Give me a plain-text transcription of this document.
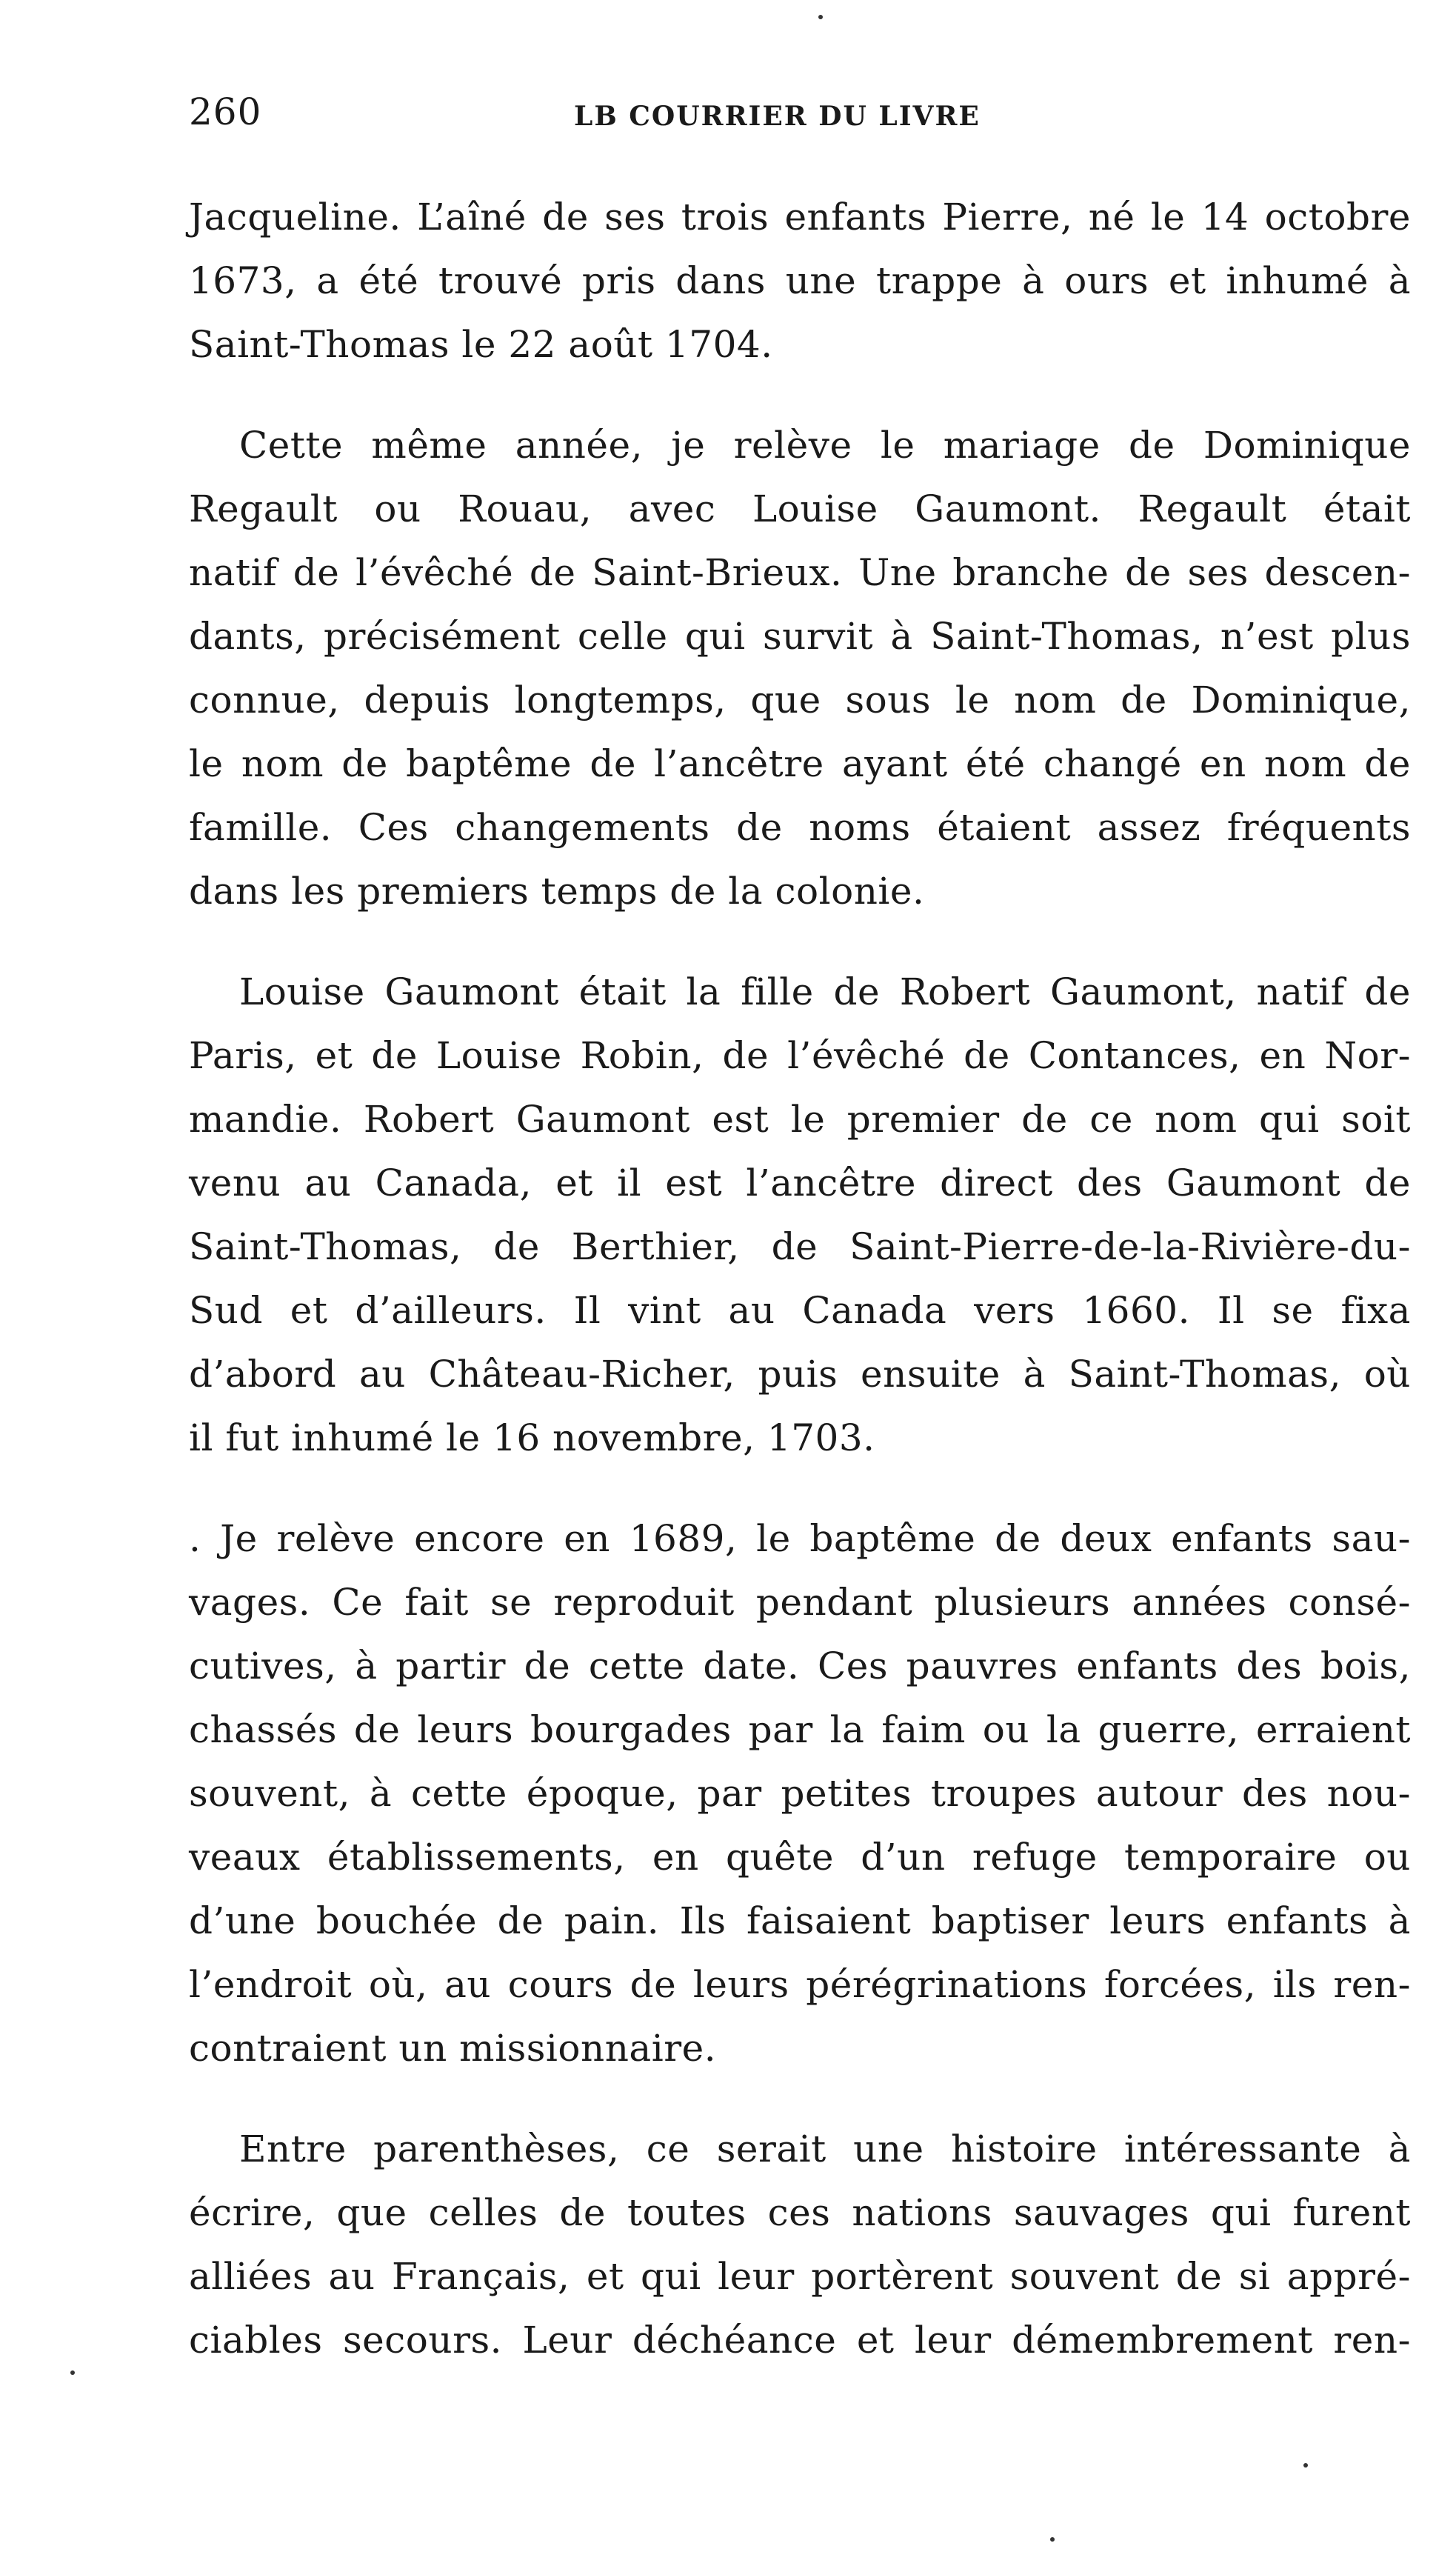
260	LB COURRIER DU LIVRE
Jacqueline. L’aîné de ses trois enfants Pierre, né le 14 octobre
1673, a été trouvé pris dans une trappe à ours et inhumé à
Saint-Thomas le 22 août 1704.
Cette même année, je relève le mariage de Dominique
Regault ou Rouau, avec Louise Gaumont. Regault était
natif de l’évêché de Saint-Brieux. Une branche de ses descen-
dants, précisément celle qui survit à Saint-Thomas, n’est plus
connue, depuis longtemps, que sous le nom de Dominique,
le nom de baptême de l’ancêtre ayant été changé en nom de
famille. Ces changements de noms étaient assez fréquents
dans les premiers temps de la colonie.
Louise Gaumont était la fille de Robert Gaumont, natif de
Paris, et de Louise Robin, de l’évêché de Contances, en Nor-
mandie. Robert Gaumont est le premier de ce nom qui soit
venu au Canada, et il est l’ancêtre direct des Gaumont de
Saint-Thomas, de Berthier, de Saint-Pierre-de-la-Rivière-du-
Sud et d’ailleurs. Il vint au Canada vers 1660. Il se fixa
d’abord au Château-Richer, puis ensuite à Saint-Thomas, où
il fut inhumé le 16 novembre, 1703.
. Je relève encore en 1689, le baptême de deux enfants sau-
vages. Ce fait se reproduit pendant plusieurs années consé-
cutives, à partir de cette date. Ces pauvres enfants des bois,
chassés de leurs bourgades par la faim ou la guerre, erraient
souvent, à cette époque, par petites troupes autour des nou-
veaux établissements, en quête d’un refuge temporaire ou
d’une bouchée de pain. Ils faisaient baptiser leurs enfants à
l’endroit où, au cours de leurs pérégrinations forcées, ils ren-
contraient un missionnaire.
Entre parenthèses, ce serait une histoire intéressante à
écrire, que celles de toutes ces nations sauvages qui furent
alliées au Français, et qui leur portèrent souvent de si appré-
ciables secours. Leur déchéance et leur démembrement ren-
